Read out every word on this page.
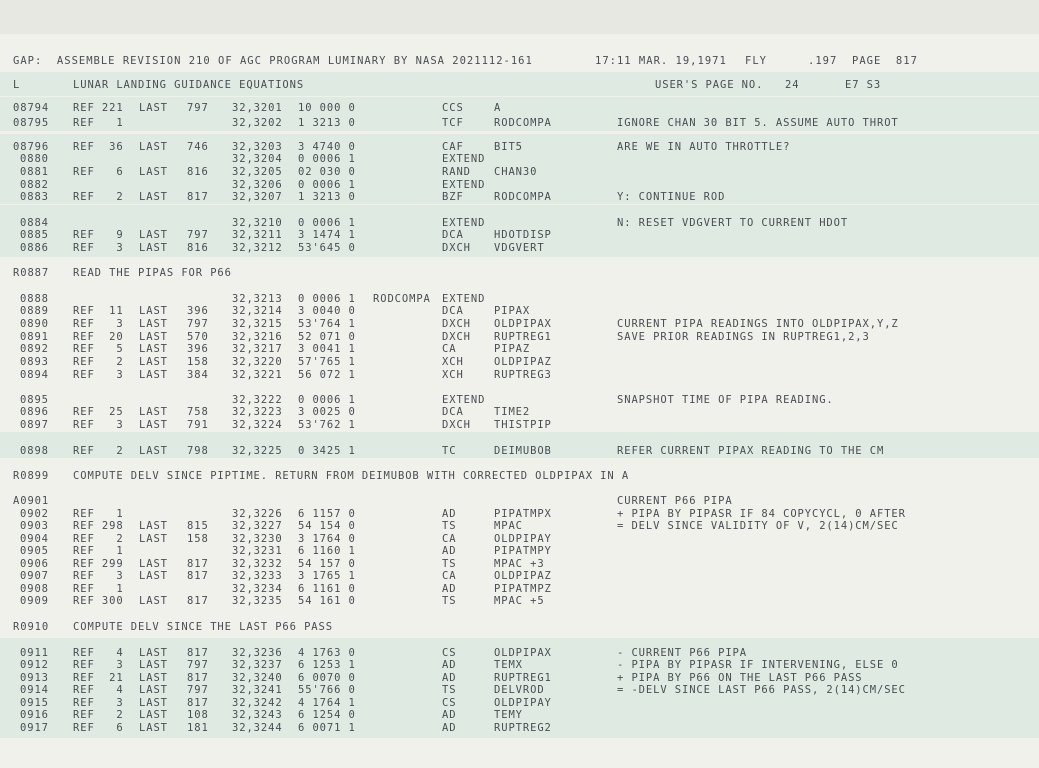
GAP:  ASSEMBLE REVISION 210 OF AGC PROGRAM LUMINARY BY NASA 2021112-161	17:11 MAR. 19,1971 FLY	.197 PAGE  817
L	LUNAR LANDING GUIDANCE EQUATIONS	USER'S PAGE NO. 24	E7 S3
08794 REF 221 LAST 797 32,3201 10 000 0	CCS	A
08795 REF   1	32,3202 1 3213 0	TCF	RODCOMPA	IGNORE CHAN 30 BIT 5. ASSUME AUTO THROT
08796 REF  36 LAST 746 32,3203 3 4740 0	CAF	BIT5	ARE WE IN AUTO THROTTLE?
0880	32,3204 0 0006 1	EXTEND
0881 REF   6 LAST 816 32,3205 02 030 0	RAND CHAN30
0882	32,3206 0 0006 1	EXTEND
0883 REF   2 LAST 817 32,3207 1 3213 0	BZF	RODCOMPA	Y: CONTINUE ROD
0884	32,3210 0 0006 1	EXTEND	N: RESET VDGVERT TO CURRENT HDOT
0885 REF   9 LAST 797 32,3211 3 1474 1	DCA	HDOTDISP
0886 REF   3 LAST 816 32,3212 53'645 0	DXCH VDGVERT
R0887 READ THE PIPAS FOR P66
0888	32,3213 0 0006 1 RODCOMPA EXTEND
0889 REF  11 LAST 396 32,3214 3 0040 0	DCA	PIPAX
0890 REF   3 LAST 797 32,3215 53'764 1	DXCH OLDPIPAX	CURRENT PIPA READINGS INTO OLDPIPAX,Y,Z
0891 REF  20 LAST 570 32,3216 52 071 0	DXCH RUPTREG1	SAVE PRIOR READINGS IN RUPTREG1,2,3
0892 REF   5 LAST 396 32,3217 3 0041 1	CA	PIPAZ
0893 REF   2 LAST 158 32,3220 57'765 1	XCH	OLDPIPAZ
0894 REF   3 LAST 384 32,3221 56 072 1	XCH	RUPTREG3
0895	32,3222 0 0006 1	EXTEND	SNAPSHOT TIME OF PIPA READING.
0896 REF  25 LAST 758 32,3223 3 0025 0	DCA	TIME2
0897 REF   3 LAST 791 32,3224 53'762 1	DXCH THISTPIP
0898 REF   2 LAST 798 32,3225 0 3425 1	TC	DEIMUBOB	REFER CURRENT PIPAX READING TO THE CM
R0899 COMPUTE DELV SINCE PIPTIME. RETURN FROM DEIMUBOB WITH CORRECTED OLDPIPAX IN A
A0901	CURRENT P66 PIPA
0902 REF   1	32,3226 6 1157 0	AD	PIPATMPX	+ PIPA BY PIPASR IF 84 COPYCYCL, 0 AFTER
0903 REF 298 LAST 815 32,3227 54 154 0	TS	MPAC	= DELV SINCE VALIDITY OF V, 2(14)CM/SEC
0904 REF   2 LAST 158 32,3230 3 1764 0	CA	OLDPIPAY
0905 REF   1	32,3231 6 1160 1	AD	PIPATMPY
0906 REF 299 LAST 817 32,3232 54 157 0	TS	MPAC +3
0907 REF   3 LAST 817 32,3233 3 1765 1	CA	OLDPIPAZ
0908 REF   1	32,3234 6 1161 0	AD	PIPATMPZ
0909 REF 300 LAST 817 32,3235 54 161 0	TS	MPAC +5
R0910 COMPUTE DELV SINCE THE LAST P66 PASS
0911 REF   4 LAST 817 32,3236 4 1763 0	CS	OLDPIPAX	- CURRENT P66 PIPA
0912 REF   3 LAST 797 32,3237 6 1253 1	AD	TEMX	- PIPA BY PIPASR IF INTERVENING, ELSE 0
0913 REF  21 LAST 817 32,3240 6 0070 0	AD	RUPTREG1	+ PIPA BY P66 ON THE LAST P66 PASS
0914 REF   4 LAST 797 32,3241 55'766 0	TS	DELVROD	= -DELV SINCE LAST P66 PASS, 2(14)CM/SEC
0915 REF   3 LAST 817 32,3242 4 1764 1	CS	OLDPIPAY
0916 REF   2 LAST 108 32,3243 6 1254 0	AD	TEMY
0917 REF   6 LAST 181 32,3244 6 0071 1	AD	RUPTREG2
